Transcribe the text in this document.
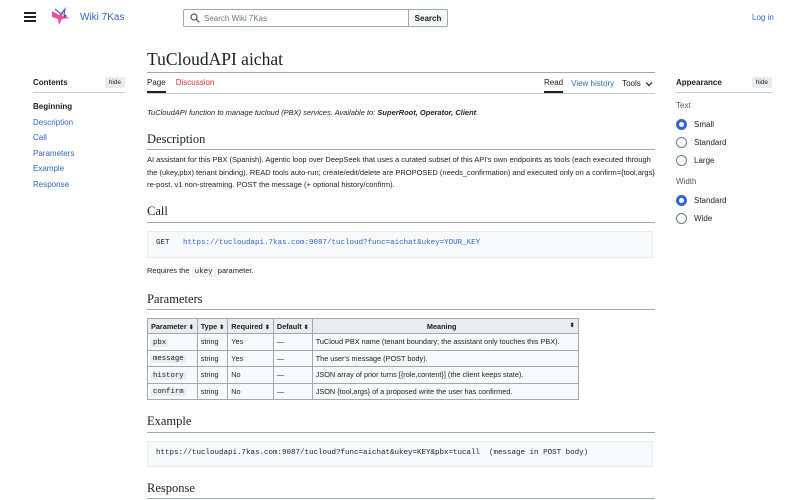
Wiki 7Kas
Search Wiki 7Kas	Search	Log in
Contents	hide
Beginning
Description
Call
Parameters
Example
Response
Appearance	hide
Text
Small
Standard
Large
Width
Standard
Wide
TuCloudAPI aichat
Page Discussion	Read View history Tools
TuCloudAPI function to manage tucloud (PBX) services. Available to: SuperRoot, Operator, Client.
Description
AI assistant for this PBX (Spanish). Agentic loop over DeepSeek that uses a curated subset of this API's own endpoints as tools (each executed through the (ukey,pbx) tenant binding). READ tools auto-run; create/edit/delete are PROPOSED (needs_confirmation) and executed only on a confirm={tool,args} re-post. v1 non-streaming. POST the message (+ optional history/confirm).
Call
GET https://tucloudapi.7kas.com:9087/tucloud?func=aichat&ukey=YOUR_KEY
Requires the ukey parameter.
Parameters
Parameter ⬍	Type ⬍	Required ⬍	Default ⬍	Meaning ⬍

pbx	string	Yes	—	TuCloud PBX name (tenant boundary; the assistant only touches this PBX).
message	string	Yes	—	The user's message (POST body).
history	string	No	—	JSON array of prior turns [{role,content}] (the client keeps state).
confirm	string	No	—	JSON {tool,args} of a proposed write the user has confirmed.
Example
https://tucloudapi.7kas.com:9087/tucloud?func=aichat&ukey=KEY&pbx=tucall  (message in POST body)
Response
